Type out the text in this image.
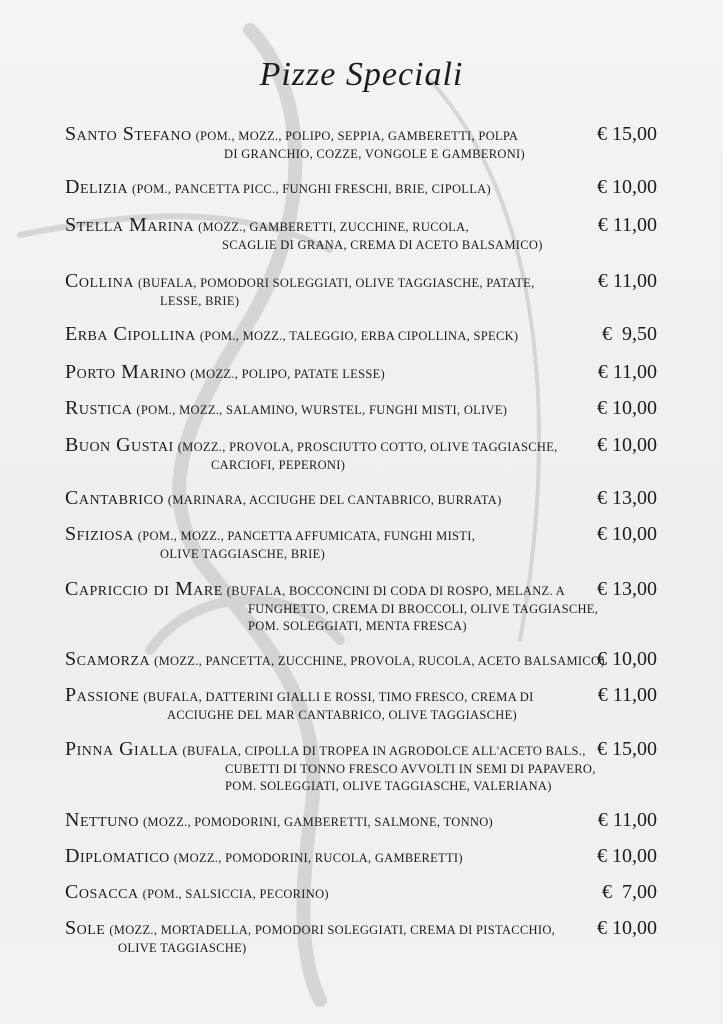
Pizze Speciali
Santo Stefano (POM., MOZZ., POLIPO, SEPPIA, GAMBERETTI, POLPA
DI GRANCHIO, COZZE, VONGOLE E GAMBERONI)
€ 15,00
Delizia (POM., PANCETTA PICC., FUNGHI FRESCHI, BRIE, CIPOLLA)	€ 10,00
Stella Marina (MOZZ., GAMBERETTI, ZUCCHINE, RUCOLA,
SCAGLIE DI GRANA, CREMA DI ACETO BALSAMICO)
€ 11,00
Collina (BUFALA, POMODORI SOLEGGIATI, OLIVE TAGGIASCHE, PATATE,
LESSE, BRIE)
€ 11,00
Erba Cipollina (POM., MOZZ., TALEGGIO, ERBA CIPOLLINA, SPECK)	€  9,50
Porto Marino (MOZZ., POLIPO, PATATE LESSE)	€ 11,00
Rustica (POM., MOZZ., SALAMINO, WURSTEL, FUNGHI MISTI, OLIVE)	€ 10,00
Buon Gustai (MOZZ., PROVOLA, PROSCIUTTO COTTO, OLIVE TAGGIASCHE,
CARCIOFI, PEPERONI)
€ 10,00
Cantabrico (MARINARA, ACCIUGHE DEL CANTABRICO, BURRATA)	€ 13,00
Sfiziosa (POM., MOZZ., PANCETTA AFFUMICATA, FUNGHI MISTI,
OLIVE TAGGIASCHE, BRIE)
€ 10,00
Capriccio di Mare (BUFALA, BOCCONCINI DI CODA DI ROSPO, MELANZ. A
FUNGHETTO, CREMA DI BROCCOLI, OLIVE TAGGIASCHE,
POM. SOLEGGIATI, MENTA FRESCA)
€ 13,00
Scamorza (MOZZ., PANCETTA, ZUCCHINE, PROVOLA, RUCOLA, ACETO BALSAMICO)
€ 10,00
Passione (BUFALA, DATTERINI GIALLI E ROSSI, TIMO FRESCO, CREMA DI
ACCIUGHE DEL MAR CANTABRICO, OLIVE TAGGIASCHE)
€ 11,00
Pinna Gialla (BUFALA, CIPOLLA DI TROPEA IN AGRODOLCE ALL'ACETO BALS.,
CUBETTI DI TONNO FRESCO AVVOLTI IN SEMI DI PAPAVERO,
POM. SOLEGGIATI, OLIVE TAGGIASCHE, VALERIANA)
€ 15,00
Nettuno (MOZZ., POMODORINI, GAMBERETTI, SALMONE, TONNO)	€ 11,00
Diplomatico (MOZZ., POMODORINI, RUCOLA, GAMBERETTI)	€ 10,00
Cosacca (POM., SALSICCIA, PECORINO)	€  7,00
Sole (MOZZ., MORTADELLA, POMODORI SOLEGGIATI, CREMA DI PISTACCHIO,
OLIVE TAGGIASCHE)
€ 10,00
